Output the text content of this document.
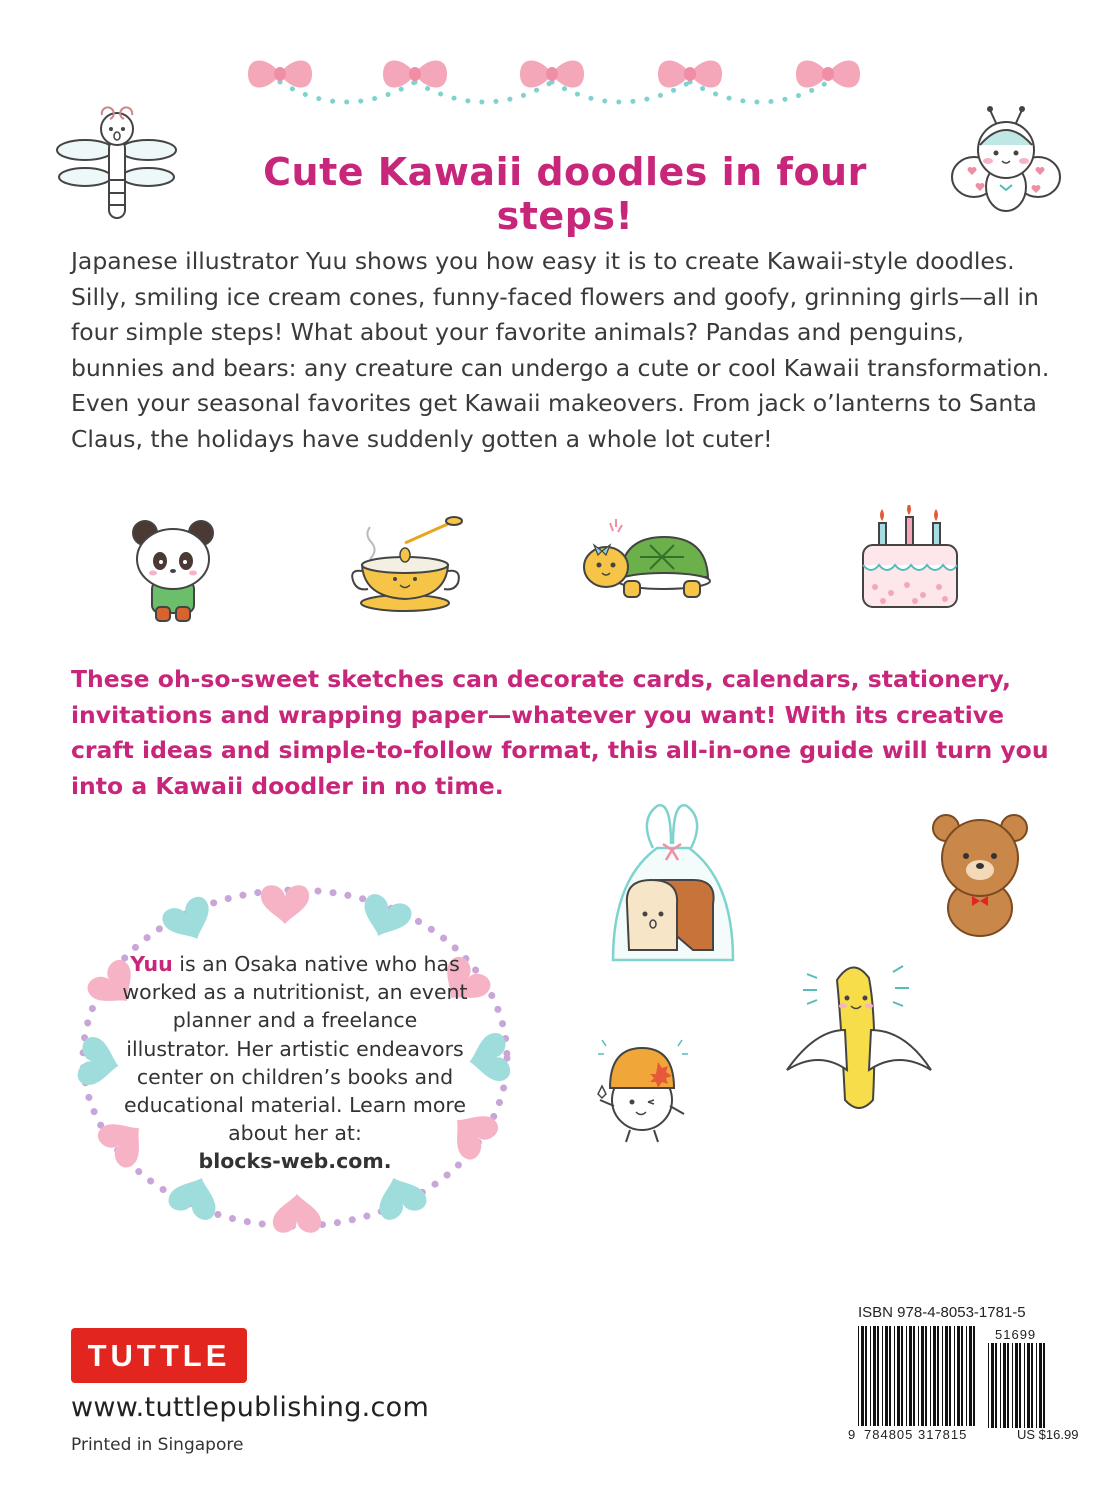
Cute Kawaii doodles in four steps!
Japanese illustrator Yuu shows you how easy it is to create Kawaii-style doodles. Silly, smiling ice cream cones, funny-faced flowers and goofy, grinning girls—all in four simple steps! What about your favorite animals? Pandas and penguins, bunnies and bears: any creature can undergo a cute or cool Kawaii transformation. Even your seasonal favorites get Kawaii makeovers. From jack o’lanterns to Santa Claus, the holidays have suddenly gotten a whole lot cuter!
These oh-so-sweet sketches can decorate cards, calendars, stationery, invitations and wrapping paper—whatever you want! With its creative craft ideas and simple-to-follow format, this all-in-one guide will turn you into a Kawaii doodler in no time.
Yuu is an Osaka native who has worked as a nutritionist, an event planner and a freelance illustrator. Her artistic endeavors center on children’s books and educational material. Learn more about her at:
blocks-web.com.
TUTTLE
www.tuttlepublishing.com
Printed in Singapore
ISBN 978-4-8053-1781-5
51699
9 784805 317815	US $16.99
